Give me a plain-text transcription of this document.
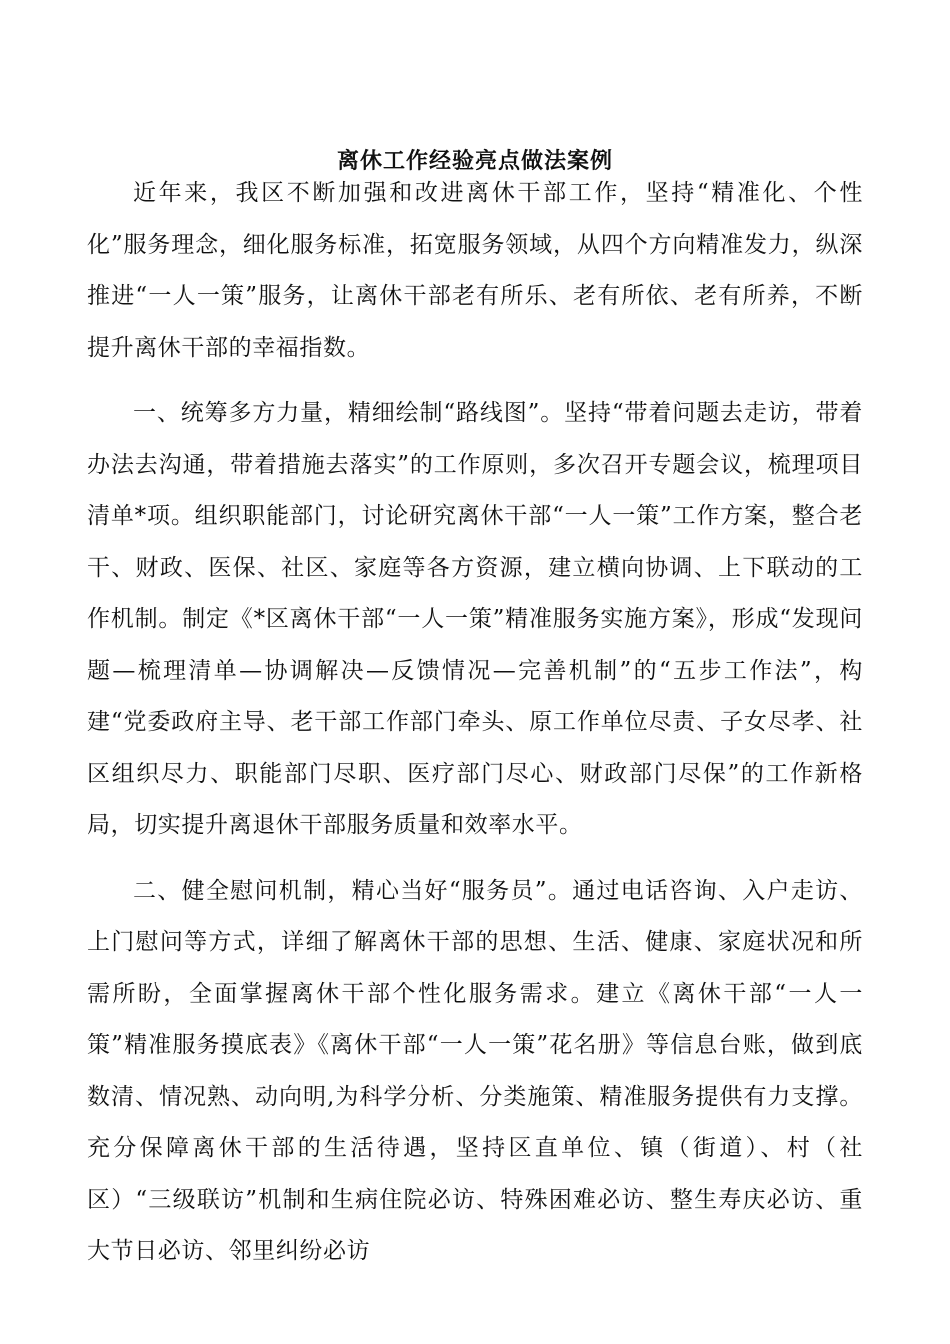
离休工作经验亮点做法案例

近年来，我区不断加强和改进离休干部工作，坚持“精准化、个性化”服务理念，细化服务标准，拓宽服务领域，从四个方向精准发力，纵深推进“一人一策”服务，让离休干部老有所乐、老有所依、老有所养，不断提升离休干部的幸福指数。

一、统筹多方力量，精细绘制“路线图”。坚持“带着问题去走访，带着办法去沟通，带着措施去落实”的工作原则，多次召开专题会议，梳理项目清单*项。组织职能部门，讨论研究离休干部“一人一策”工作方案，整合老干、财政、医保、社区、家庭等各方资源，建立横向协调、上下联动的工作机制。制定《*区离休干部“一人一策”精准服务实施方案》，形成“发现问题—梳理清单—协调解决—反馈情况—完善机制”的“五步工作法”，构建“党委政府主导、老干部工作部门牵头、原工作单位尽责、子女尽孝、社区组织尽力、职能部门尽职、医疗部门尽心、财政部门尽保”的工作新格局，切实提升离退休干部服务质量和效率水平。

二、健全慰问机制，精心当好“服务员”。通过电话咨询、入户走访、上门慰问等方式，详细了解离休干部的思想、生活、健康、家庭状况和所需所盼，全面掌握离休干部个性化服务需求。建立《离休干部“一人一策”精准服务摸底表》《离休干部“一人一策”花名册》等信息台账，做到底数清、情况熟、动向明,为科学分析、分类施策、精准服务提供有力支撑。充分保障离休干部的生活待遇，坚持区直单位、镇（街道）、村（社区）“三级联访”机制和生病住院必访、特殊困难必访、整生寿庆必访、重大节日必访、邻里纠纷必访
